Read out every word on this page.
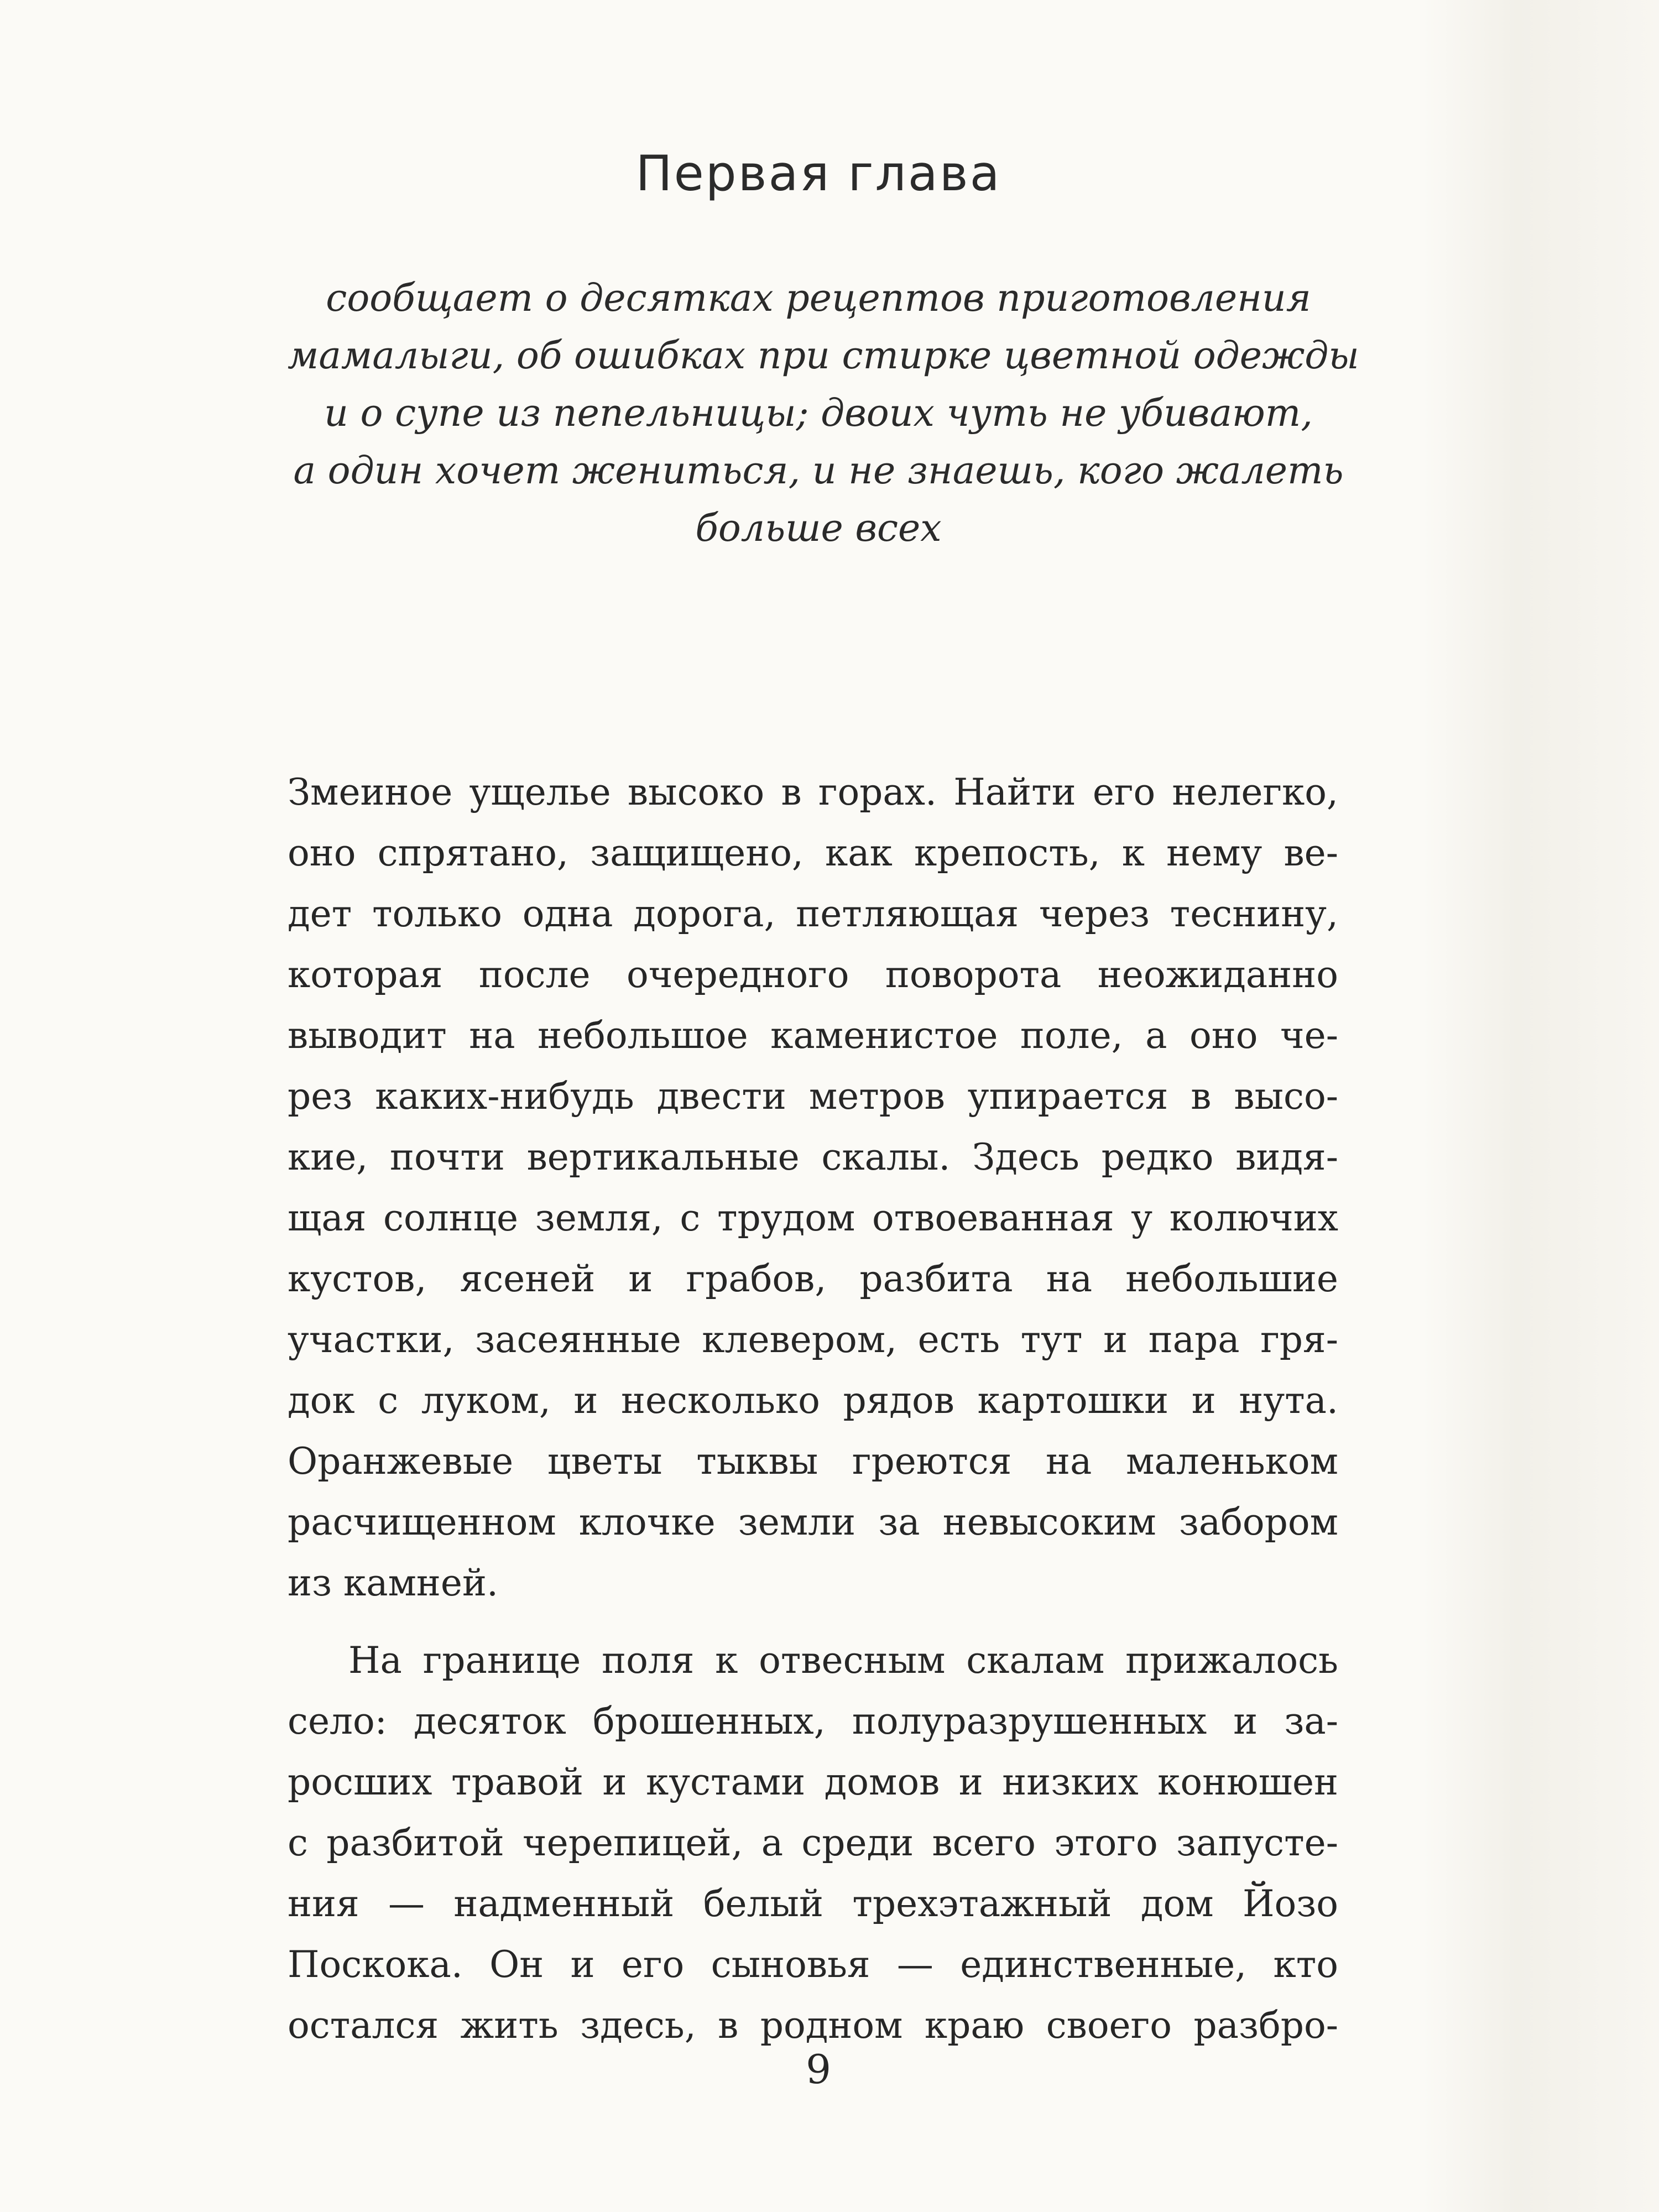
Первая глава
сообщает о десятках рецептов приготовления
мамалыги, об ошибках при стирке цветной одежды
и о супе из пепельницы; двоих чуть не убивают,
а один хочет жениться, и не знаешь, кого жалеть
больше всех
Змеиное ущелье высоко в горах. Найти его нелегко,
оно спрятано, защищено, как крепость, к нему ве-
дет только одна дорога, петляющая через теснину,
которая после очередного поворота неожиданно
выводит на небольшое каменистое поле, а оно че-
рез каких-нибудь двести метров упирается в высо-
кие, почти вертикальные скалы. Здесь редко видя-
щая солнце земля, с трудом отвоеванная у колючих
кустов, ясеней и грабов, разбита на небольшие
участки, засеянные клевером, есть тут и пара гря-
док с луком, и несколько рядов картошки и нута.
Оранжевые цветы тыквы греются на маленьком
расчищенном клочке земли за невысоким забором
из камней.
На границе поля к отвесным скалам прижалось
село: десяток брошенных, полуразрушенных и за-
росших травой и кустами домов и низких конюшен
с разбитой черепицей, а среди всего этого запусте-
ния — надменный белый трехэтажный дом Йозо
Поскока. Он и его сыновья — единственные, кто
остался жить здесь, в родном краю своего разбро-
9
